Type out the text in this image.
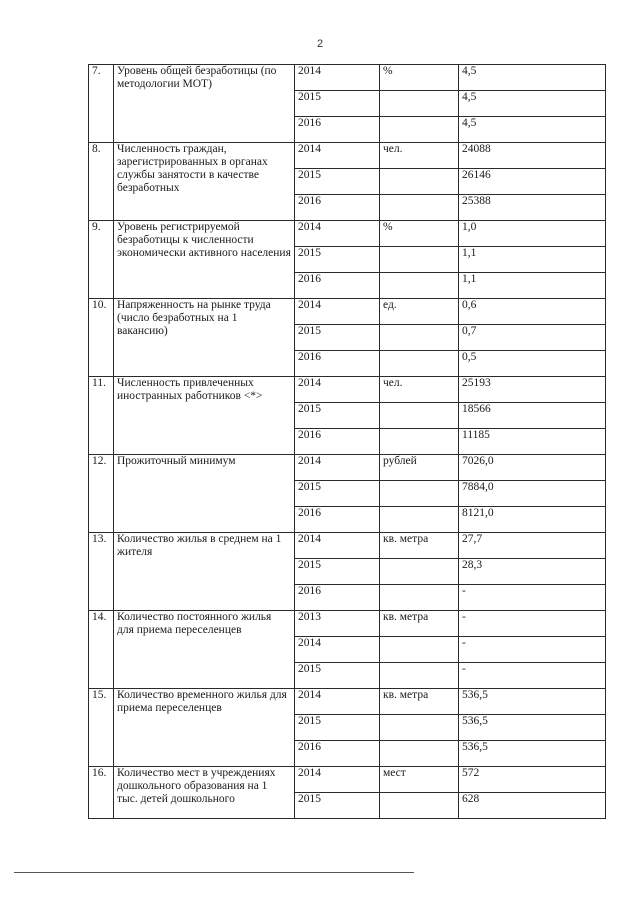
2
7.	Уровень общей безработицы (по методологии МОТ)	2014	%	4,5
		2015		4,5
		2016		4,5
8.	Численность граждан, зарегистрированных в органах службы занятости в качестве безработных	2014	чел.	24088
		2015		26146
		2016		25388
9.	Уровень регистрируемой безработицы к численности экономически активного населения	2014	%	1,0
		2015		1,1
		2016		1,1
10.	Напряженность на рынке труда (число безработных на 1 вакансию)	2014	ед.	0,6
		2015		0,7
		2016		0,5
11.	Численность привлеченных иностранных работников <*>	2014	чел.	25193
		2015		18566
		2016		11185
12.	Прожиточный минимум	2014	рублей	7026,0
		2015		7884,0
		2016		8121,0
13.	Количество жилья в среднем на 1 жителя	2014	кв. метра	27,7
		2015		28,3
		2016		-
14.	Количество постоянного жилья для приема переселенцев	2013	кв. метра	-
		2014		-
		2015		-
15.	Количество временного жилья для приема переселенцев	2014	кв. метра	536,5
		2015		536,5
		2016		536,5
16.	Количество мест в учреждениях дошкольного образования на 1 тыс. детей дошкольного	2014	мест	572
		2015		628
